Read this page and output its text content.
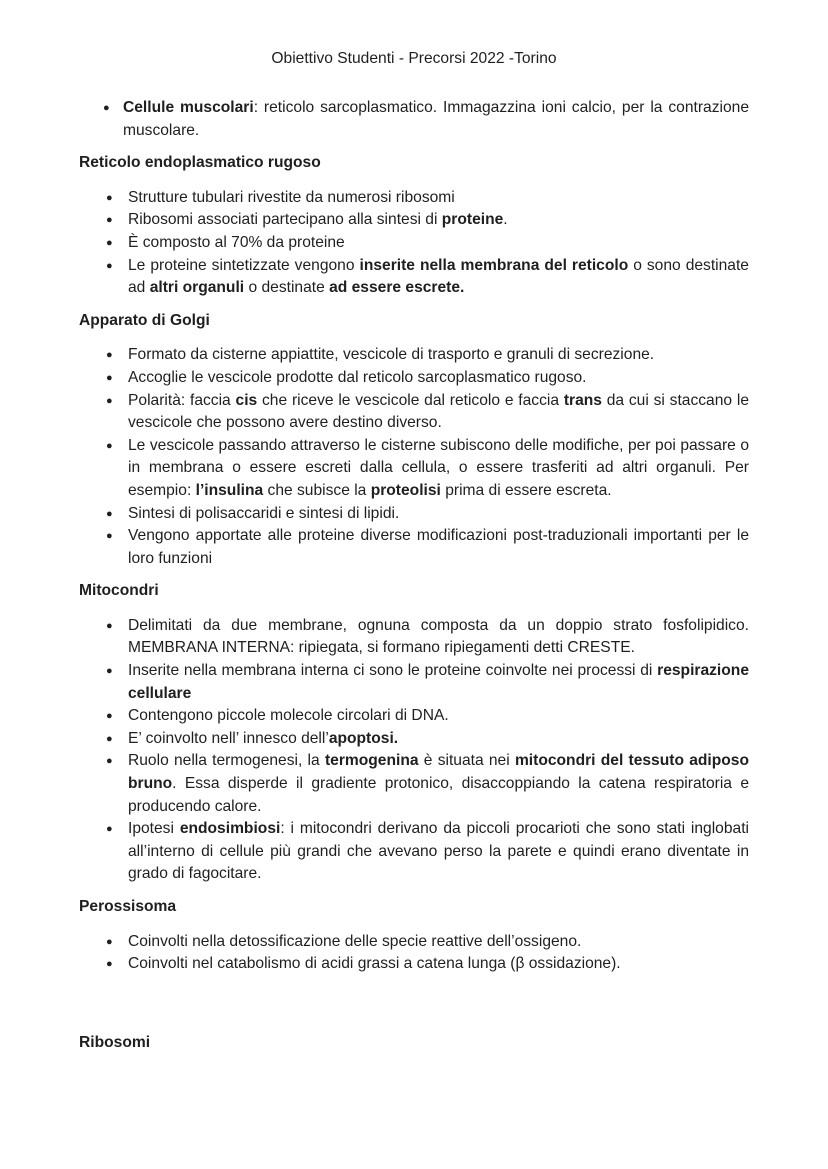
Obiettivo Studenti - Precorsi 2022 -Torino
● Cellule muscolari: reticolo sarcoplasmatico. Immagazzina ioni calcio, per la contrazione muscolare.
Reticolo endoplasmatico rugoso
● Strutture tubulari rivestite da numerosi ribosomi
● Ribosomi associati partecipano alla sintesi di proteine.
● È composto al 70% da proteine
● Le proteine sintetizzate vengono inserite nella membrana del reticolo o sono destinate ad altri organuli o destinate ad essere escrete.
Apparato di Golgi
● Formato da cisterne appiattite, vescicole di trasporto e granuli di secrezione.
● Accoglie le vescicole prodotte dal reticolo sarcoplasmatico rugoso.
● Polarità: faccia cis che riceve le vescicole dal reticolo e faccia trans da cui si staccano le vescicole che possono avere destino diverso.
● Le vescicole passando attraverso le cisterne subiscono delle modifiche, per poi passare o in membrana o essere escreti dalla cellula, o essere trasferiti ad altri organuli. Per esempio: l’insulina che subisce la proteolisi prima di essere escreta.
● Sintesi di polisaccaridi e sintesi di lipidi.
● Vengono apportate alle proteine diverse modificazioni post-traduzionali importanti per le loro funzioni
Mitocondri
● Delimitati da due membrane, ognuna composta da un doppio strato fosfolipidico. MEMBRANA INTERNA: ripiegata, si formano ripiegamenti detti CRESTE.
● Inserite nella membrana interna ci sono le proteine coinvolte nei processi di respirazione cellulare
● Contengono piccole molecole circolari di DNA.
● E’ coinvolto nell’ innesco dell’apoptosi.
● Ruolo nella termogenesi, la termogenina è situata nei mitocondri del tessuto adiposo bruno. Essa disperde il gradiente protonico, disaccoppiando la catena respiratoria e producendo calore.
● Ipotesi endosimbiosi: i mitocondri derivano da piccoli procarioti che sono stati inglobati all’interno di cellule più grandi che avevano perso la parete e quindi erano diventate in grado di fagocitare.
Perossisoma
● Coinvolti nella detossificazione delle specie reattive dell’ossigeno.
● Coinvolti nel catabolismo di acidi grassi a catena lunga (β ossidazione).
Ribosomi
